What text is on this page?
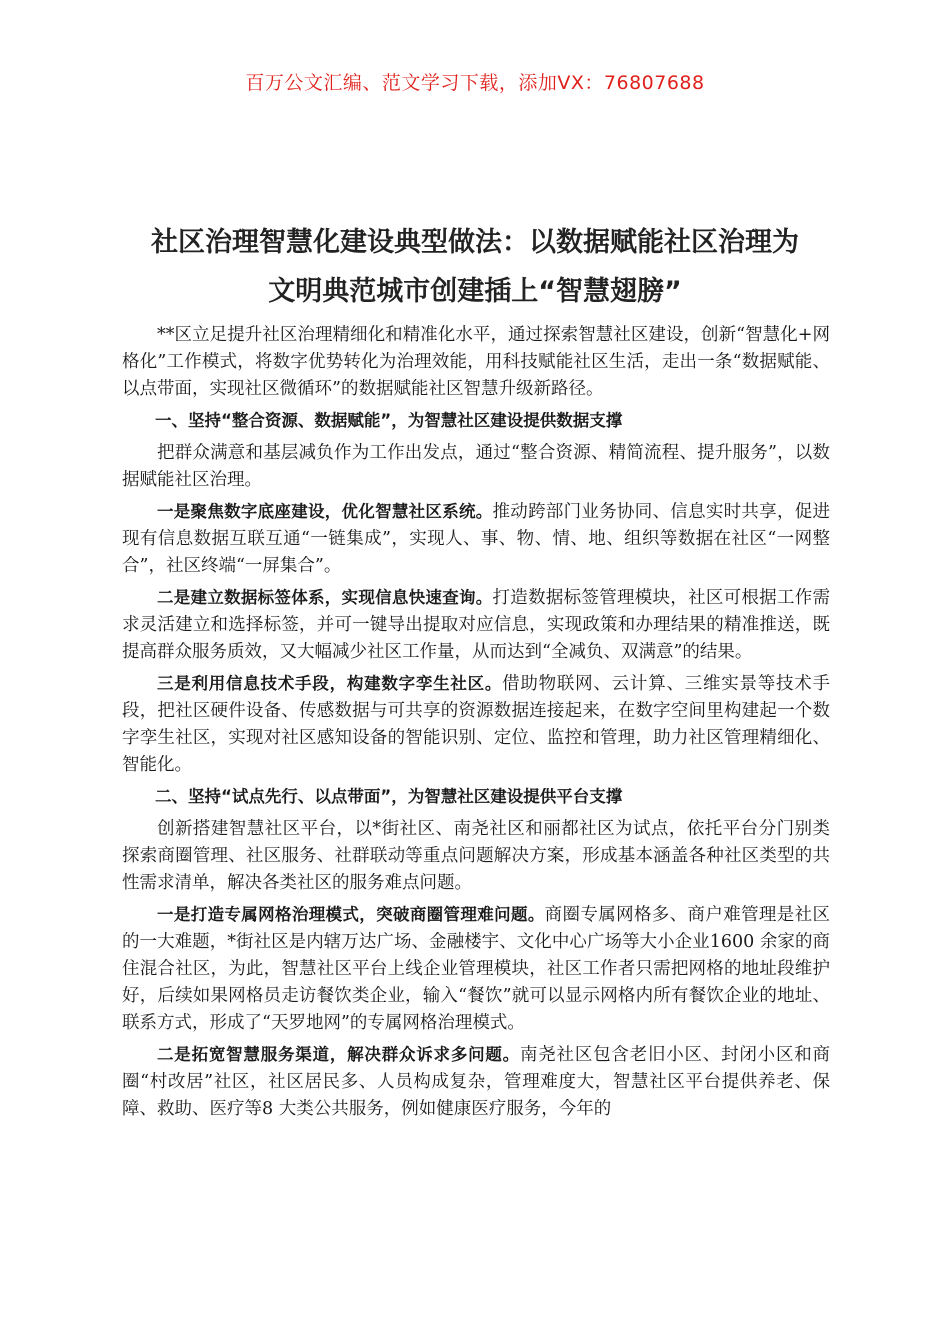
百万公文汇编、范文学习下载，添加VX：76807688
社区治理智慧化建设典型做法：以数据赋能社区治理为
文明典范城市创建插上“智慧翅膀”

**区立足提升社区治理精细化和精准化水平，通过探索智慧社区建设，创新“智慧化+网格化”工作模式，将数字优势转化为治理效能，用科技赋能社区生活，走出一条“数据赋能、以点带面，实现社区微循环”的数据赋能社区智慧升级新路径。

一、坚持“整合资源、数据赋能”，为智慧社区建设提供数据支撑

把群众满意和基层减负作为工作出发点，通过“整合资源、精简流程、提升服务”，以数据赋能社区治理。

一是聚焦数字底座建设，优化智慧社区系统。推动跨部门业务协同、信息实时共享，促进现有信息数据互联互通“一链集成”，实现人、事、物、情、地、组织等数据在社区“一网整合”，社区终端“一屏集合”。

二是建立数据标签体系，实现信息快速查询。打造数据标签管理模块，社区可根据工作需求灵活建立和选择标签，并可一键导出提取对应信息，实现政策和办理结果的精准推送，既提高群众服务质效，又大幅减少社区工作量，从而达到“全减负、双满意”的结果。

三是利用信息技术手段，构建数字孪生社区。借助物联网、云计算、三维实景等技术手段，把社区硬件设备、传感数据与可共享的资源数据连接起来，在数字空间里构建起一个数字孪生社区，实现对社区感知设备的智能识别、定位、监控和管理，助力社区管理精细化、智能化。

二、坚持“试点先行、以点带面”，为智慧社区建设提供平台支撑

创新搭建智慧社区平台，以*街社区、南尧社区和丽都社区为试点，依托平台分门别类探索商圈管理、社区服务、社群联动等重点问题解决方案，形成基本涵盖各种社区类型的共性需求清单，解决各类社区的服务难点问题。

一是打造专属网格治理模式，突破商圈管理难问题。商圈专属网格多、商户难管理是社区的一大难题，*街社区是内辖万达广场、金融楼宇、文化中心广场等大小企业1600 余家的商住混合社区，为此，智慧社区平台上线企业管理模块，社区工作者只需把网格的地址段维护好，后续如果网格员走访餐饮类企业，输入“餐饮”就可以显示网格内所有餐饮企业的地址、联系方式，形成了“天罗地网”的专属网格治理模式。

二是拓宽智慧服务渠道，解决群众诉求多问题。南尧社区包含老旧小区、封闭小区和商圈“村改居”社区，社区居民多、人员构成复杂，管理难度大，智慧社区平台提供养老、保障、救助、医疗等8 大类公共服务，例如健康医疗服务，今年的
